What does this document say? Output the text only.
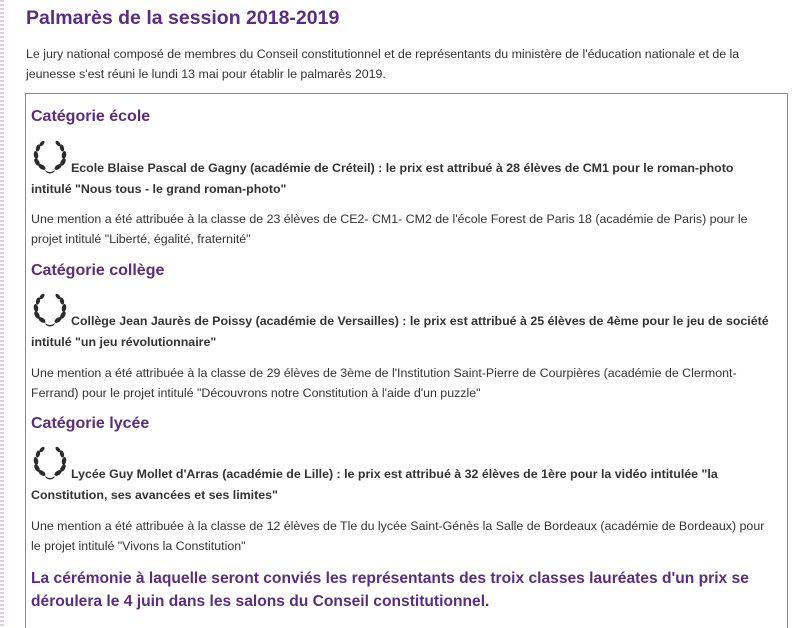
Palmarès de la session 2018-2019

Le jury national composé de membres du Conseil constitutionnel et de représentants du ministère de l'éducation nationale et de la jeunesse s'est réuni le lundi 13 mai pour établir le palmarès 2019.

Catégorie école

Ecole Blaise Pascal de Gagny (académie de Créteil) : le prix est attribué à 28 élèves de CM1 pour le roman-photo intitulé "Nous tous - le grand roman-photo"

Une mention a été attribuée à la classe de 23 élèves de CE2- CM1- CM2 de l'école Forest de Paris 18 (académie de Paris) pour le projet intitulé "Liberté, égalité, fraternité"

Catégorie collège

Collège Jean Jaurès de Poissy (académie de Versailles) : le prix est attribué à 25 élèves de 4ème pour le jeu de société intitulé "un jeu révolutionnaire"

Une mention a été attribuée à la classe de 29 élèves de 3ème de l'Institution Saint-Pierre de Courpières (académie de Clermont-Ferrand) pour le projet intitulé "Découvrons notre Constitution à l'aide d'un puzzle"

Catégorie lycée

Lycée Guy Mollet d'Arras (académie de Lille) : le prix est attribué à 32 élèves de 1ère pour la vidéo intitulée "la Constitution, ses avancées et ses limites"

Une mention a été attribuée à la classe de 12 élèves de Tle du lycée Saint-Génès la Salle de Bordeaux (académie de Bordeaux) pour le projet intitulé "Vivons la Constitution"

La cérémonie à laquelle seront conviés les représentants des troix classes lauréates d'un prix se déroulera le 4 juin dans les salons du Conseil constitutionnel.
